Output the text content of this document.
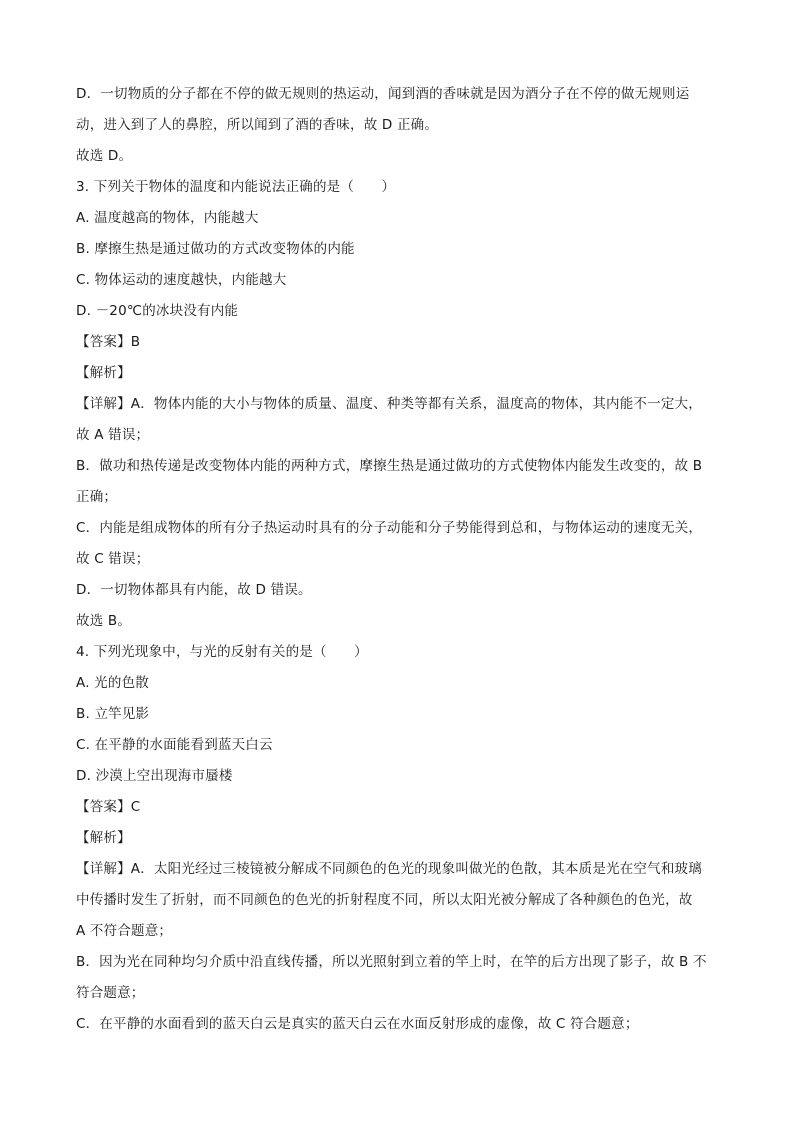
D．一切物质的分子都在不停的做无规则的热运动，闻到酒的香味就是因为酒分子在不停的做无规则运
动，进入到了人的鼻腔，所以闻到了酒的香味，故 D 正确。
故选 D。
3. 下列关于物体的温度和内能说法正确的是（　　）
A. 温度越高的物体，内能越大
B. 摩擦生热是通过做功的方式改变物体的内能
C. 物体运动的速度越快，内能越大
D. －20℃的冰块没有内能
【答案】B
【解析】
【详解】A．物体内能的大小与物体的质量、温度、种类等都有关系，温度高的物体，其内能不一定大，
故 A 错误；
B．做功和热传递是改变物体内能的两种方式，摩擦生热是通过做功的方式使物体内能发生改变的，故 B
正确；
C．内能是组成物体的所有分子热运动时具有的分子动能和分子势能得到总和，与物体运动的速度无关，
故 C 错误；
D．一切物体都具有内能，故 D 错误。
故选 B。
4. 下列光现象中，与光的反射有关的是（　　）
A. 光的色散
B. 立竿见影
C. 在平静的水面能看到蓝天白云
D. 沙漠上空出现海市蜃楼
【答案】C
【解析】
【详解】A．太阳光经过三棱镜被分解成不同颜色的色光的现象叫做光的色散，其本质是光在空气和玻璃
中传播时发生了折射，而不同颜色的色光的折射程度不同，所以太阳光被分解成了各种颜色的色光，故
A 不符合题意；
B．因为光在同种均匀介质中沿直线传播，所以光照射到立着的竿上时，在竿的后方出现了影子，故 B 不
符合题意；
C．在平静的水面看到的蓝天白云是真实的蓝天白云在水面反射形成的虚像，故 C 符合题意；
